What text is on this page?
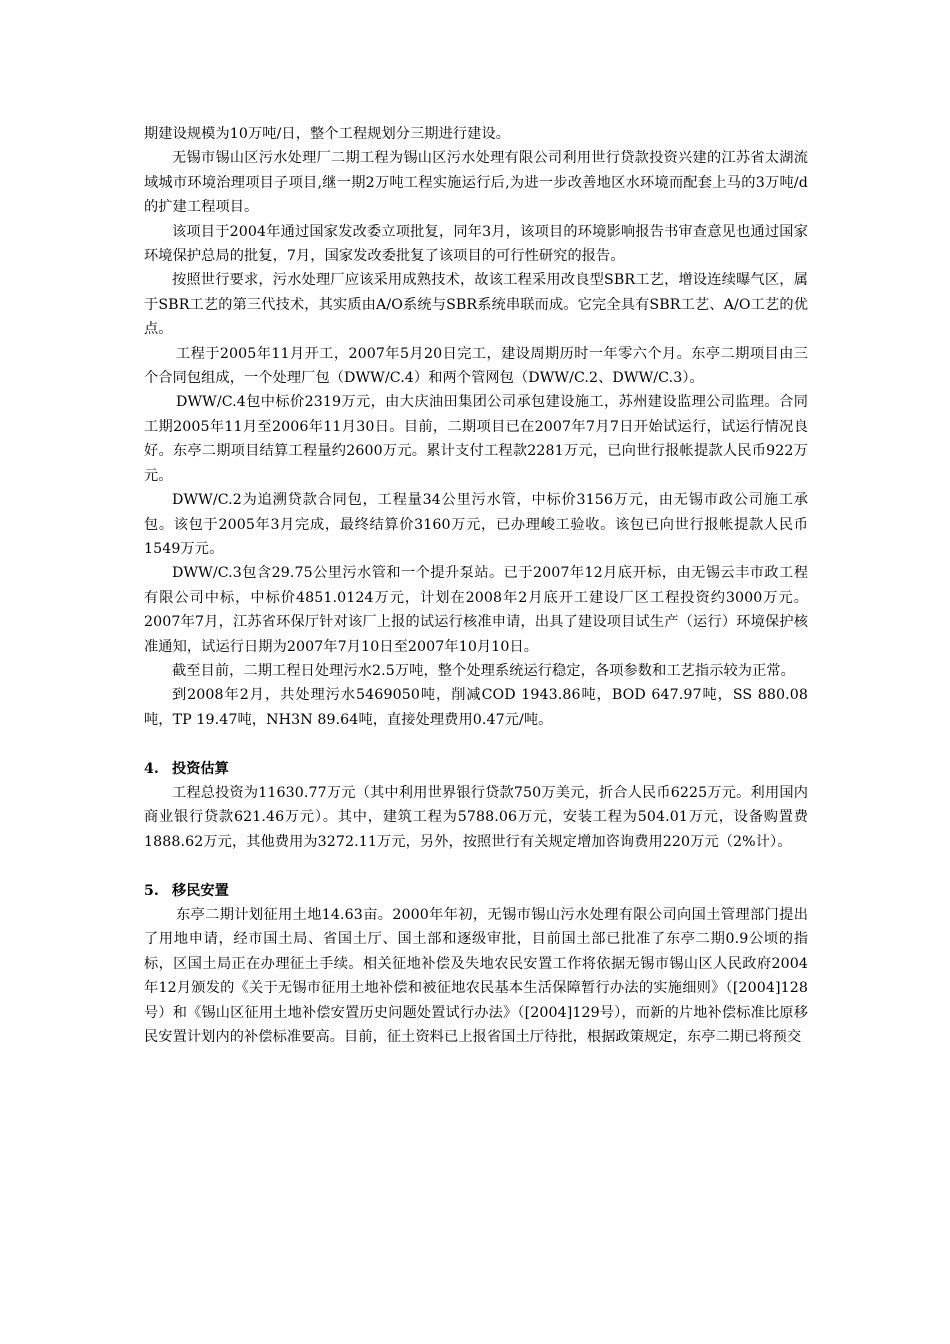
期建设规模为10万吨/日，整个工程规划分三期进行建设。

无锡市锡山区污水处理厂二期工程为锡山区污水处理有限公司利用世行贷款投资兴建的江苏省太湖流域城市环境治理项目子项目,继一期2万吨工程实施运行后,为进一步改善地区水环境而配套上马的3万吨/d的扩建工程项目。

该项目于2004年通过国家发改委立项批复，同年3月，该项目的环境影响报告书审查意见也通过国家环境保护总局的批复，7月，国家发改委批复了该项目的可行性研究的报告。

按照世行要求，污水处理厂应该采用成熟技术，故该工程采用改良型SBR工艺，增设连续曝气区，属于SBR工艺的第三代技术，其实质由A/O系统与SBR系统串联而成。它完全具有SBR工艺、A/O工艺的优点。

工程于2005年11月开工，2007年5月20日完工，建设周期历时一年零六个月。东亭二期项目由三个合同包组成，一个处理厂包（DWW/C.4）和两个管网包（DWW/C.2、DWW/C.3）。

DWW/C.4包中标价2319万元，由大庆油田集团公司承包建设施工，苏州建设监理公司监理。合同工期2005年11月至2006年11月30日。目前，二期项目已在2007年7月7日开始试运行，试运行情况良好。东亭二期项目结算工程量约2600万元。累计支付工程款2281万元，已向世行报帐提款人民币922万元。

DWW/C.2为追溯贷款合同包，工程量34公里污水管，中标价3156万元，由无锡市政公司施工承包。该包于2005年3月完成，最终结算价3160万元，已办理峻工验收。该包已向世行报帐提款人民币1549万元。

DWW/C.3包含29.75公里污水管和一个提升泵站。已于2007年12月底开标，由无锡云丰市政工程有限公司中标，中标价4851.0124万元，计划在2008年2月底开工建设厂区工程投资约3000万元。2007年7月，江苏省环保厅针对该厂上报的试运行核准申请，出具了建设项目试生产（运行）环境保护核准通知，试运行日期为2007年7月10日至2007年10月10日。

截至目前，二期工程日处理污水2.5万吨，整个处理系统运行稳定，各项参数和工艺指示较为正常。

到2008年2月，共处理污水5469050吨，削减COD 1943.86吨，BOD 647.97吨，SS 880.08吨，TP 19.47吨，NH3N 89.64吨，直接处理费用0.47元/吨。

4. 投资估算

工程总投资为11630.77万元（其中利用世界银行贷款750万美元，折合人民币6225万元。利用国内商业银行贷款621.46万元）。其中，建筑工程为5788.06万元，安装工程为504.01万元，设备购置费1888.62万元，其他费用为3272.11万元，另外，按照世行有关规定增加咨询费用220万元（2%计）。

5. 移民安置

东亭二期计划征用土地14.63亩。2000年年初，无锡市锡山污水处理有限公司向国土管理部门提出了用地申请，经市国土局、省国土厅、国土部和逐级审批，目前国土部已批准了东亭二期0.9公顷的指标，区国土局正在办理征土手续。相关征地补偿及失地农民安置工作将依据无锡市锡山区人民政府2004年12月颁发的《关于无锡市征用土地补偿和被征地农民基本生活保障暂行办法的实施细则》（[2004]128号）和《锡山区征用土地补偿安置历史问题处置试行办法》（[2004]129号），而新的片地补偿标准比原移民安置计划内的补偿标准要高。目前，征土资料已上报省国土厅待批，根据政策规定，东亭二期已将预交
